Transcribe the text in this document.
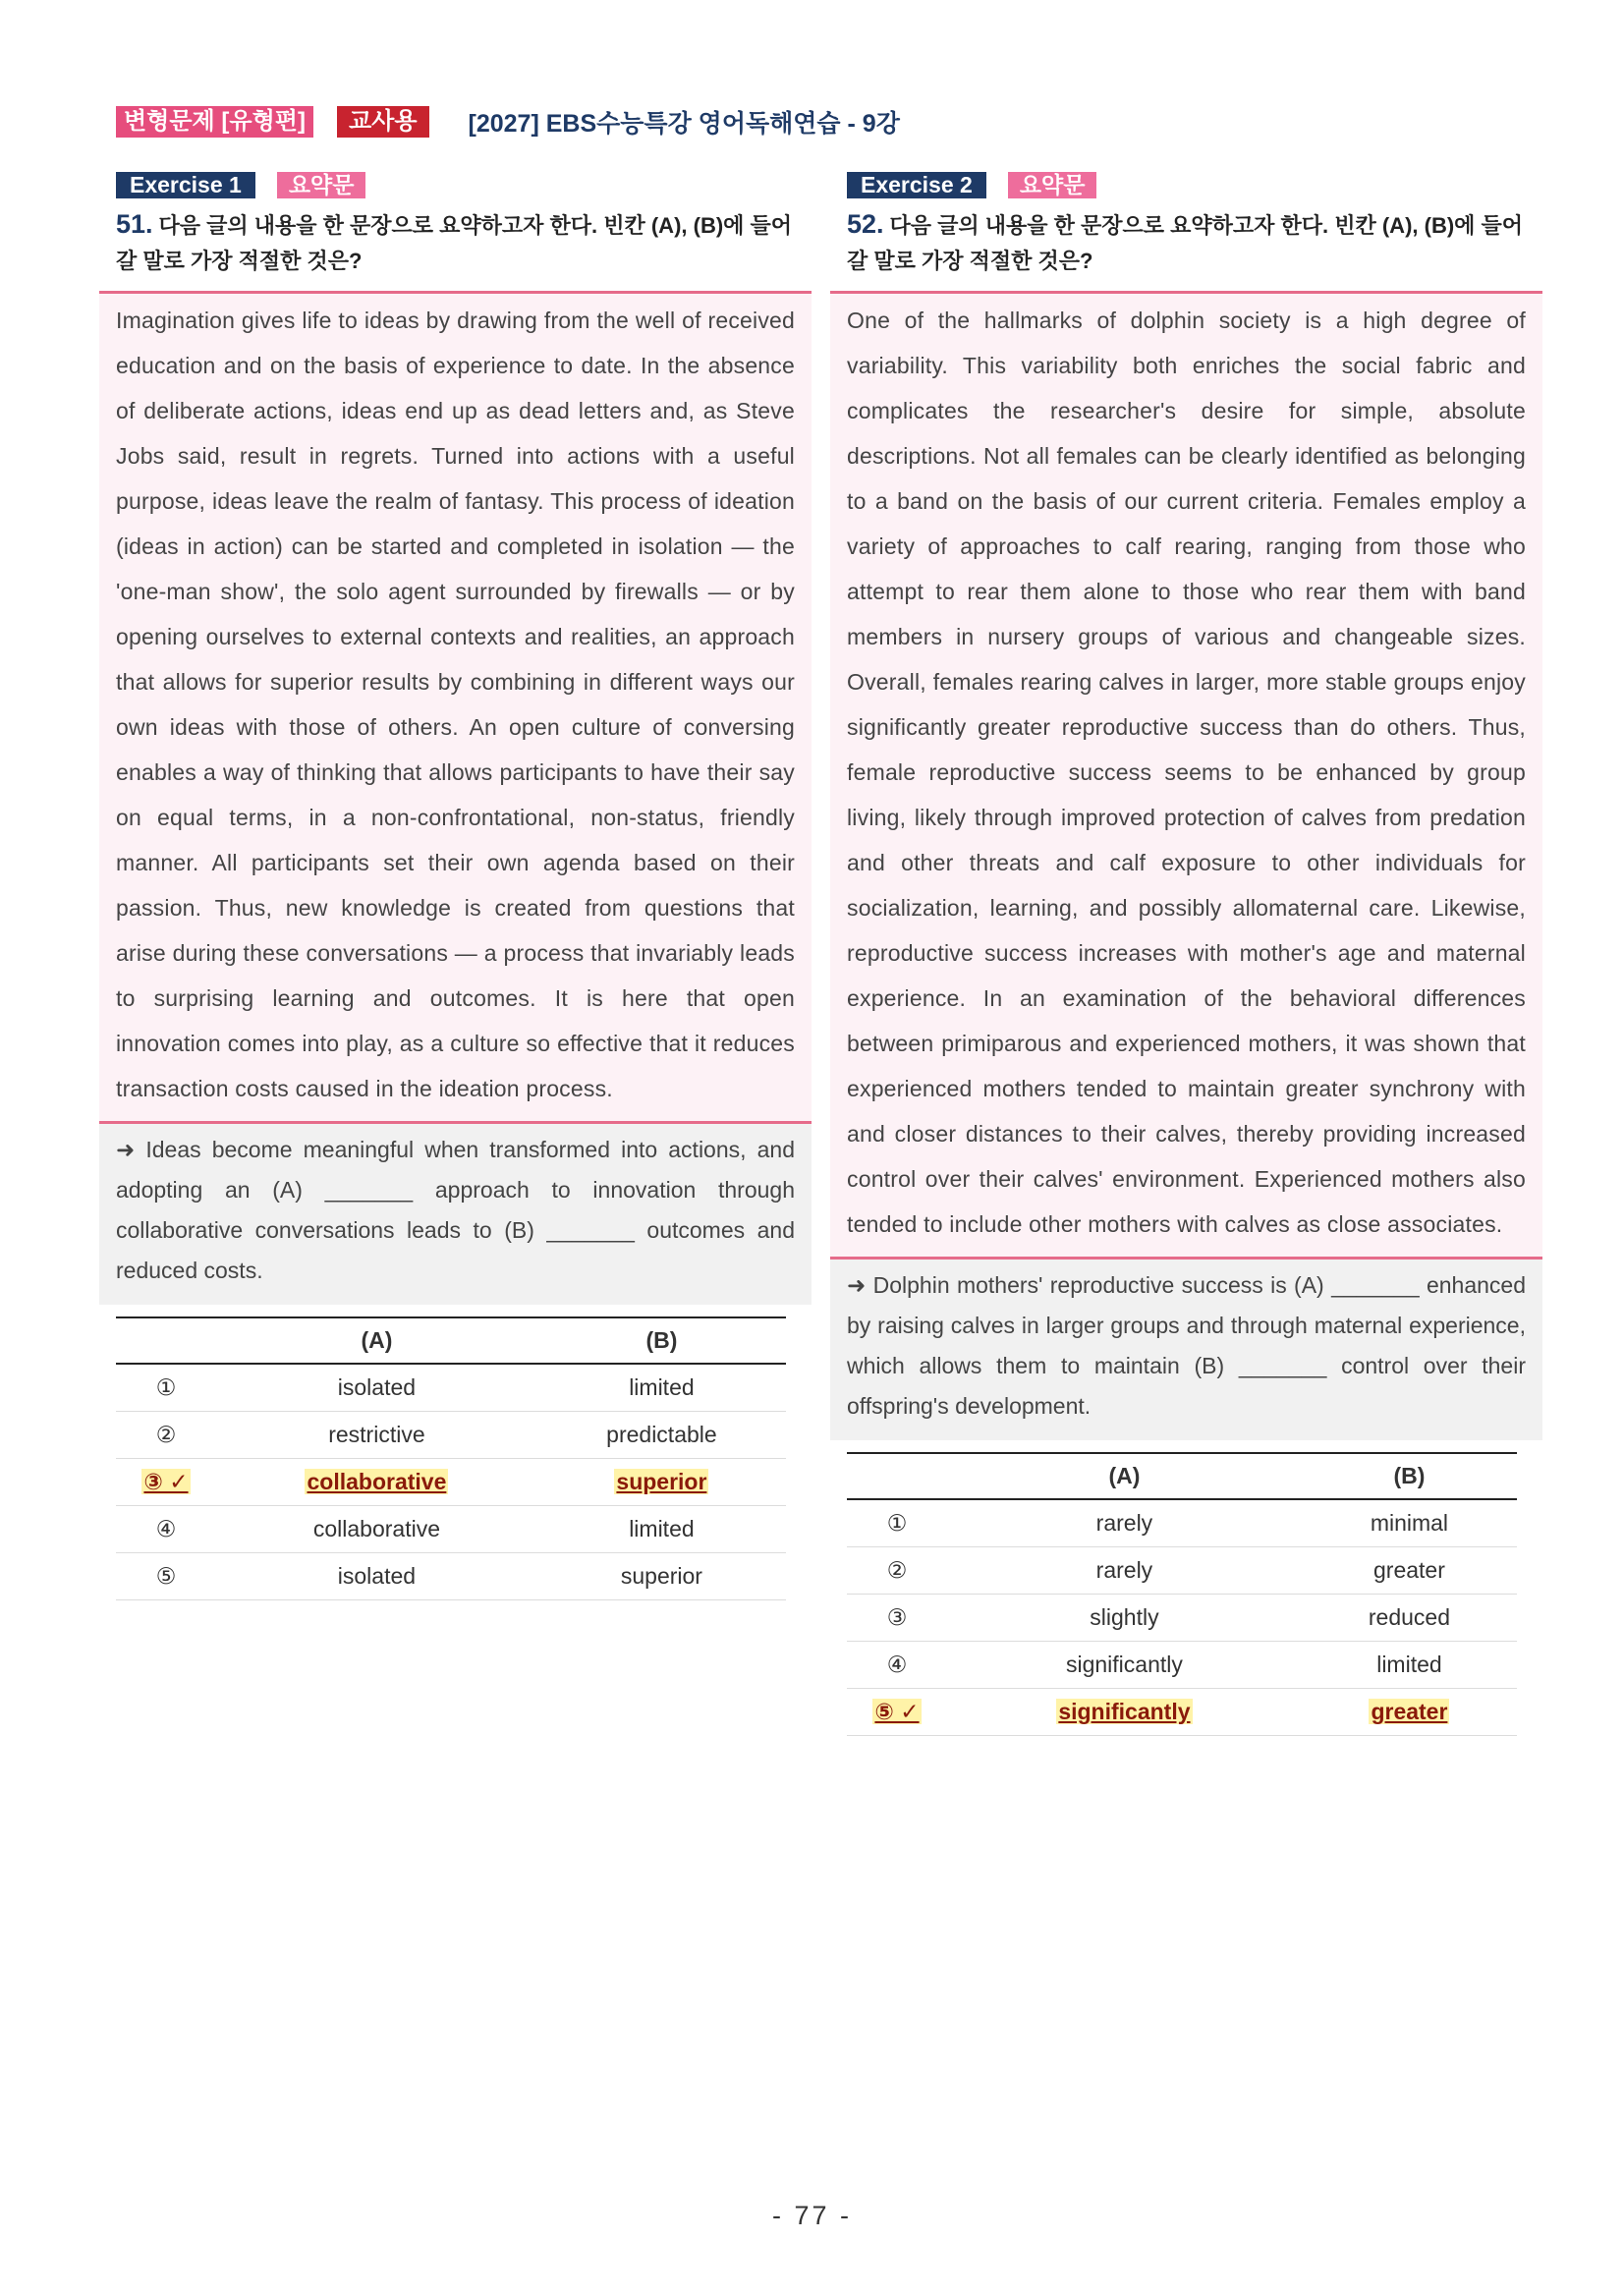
변형문제 [유형편]	교사용	[2027] EBS수능특강 영어독해연습 - 9강
Exercise 1	요약문
51. 다음 글의 내용을 한 문장으로 요약하고자 한다. 빈칸 (A), (B)에 들어갈 말로 가장 적절한 것은?
Imagination gives life to ideas by drawing from the well of received education and on the basis of experience to date. In the absence of deliberate actions, ideas end up as dead letters and, as Steve Jobs said, result in regrets. Turned into actions with a useful purpose, ideas leave the realm of fantasy. This process of ideation (ideas in action) can be started and completed in isolation — the 'one-man show', the solo agent surrounded by firewalls — or by opening ourselves to external contexts and realities, an approach that allows for superior results by combining in different ways our own ideas with those of others. An open culture of conversing enables a way of thinking that allows participants to have their say on equal terms, in a non-confrontational, non-status, friendly manner. All participants set their own agenda based on their passion. Thus, new knowledge is created from questions that arise during these conversations — a process that invariably leads to surprising learning and outcomes. It is here that open innovation comes into play, as a culture so effective that it reduces transaction costs caused in the ideation process.
➜ Ideas become meaningful when transformed into actions, and adopting an (A) _______ approach to innovation through collaborative conversations leads to (B) _______ outcomes and reduced costs.
	(A)	(B)
①	isolated	limited
②	restrictive	predictable
③ ✓	collaborative	superior
④	collaborative	limited
⑤	isolated	superior
Exercise 2	요약문
52. 다음 글의 내용을 한 문장으로 요약하고자 한다. 빈칸 (A), (B)에 들어갈 말로 가장 적절한 것은?
One of the hallmarks of dolphin society is a high degree of variability. This variability both enriches the social fabric and complicates the researcher's desire for simple, absolute descriptions. Not all females can be clearly identified as belonging to a band on the basis of our current criteria. Females employ a variety of approaches to calf rearing, ranging from those who attempt to rear them alone to those who rear them with band members in nursery groups of various and changeable sizes. Overall, females rearing calves in larger, more stable groups enjoy significantly greater reproductive success than do others. Thus, female reproductive success seems to be enhanced by group living, likely through improved protection of calves from predation and other threats and calf exposure to other individuals for socialization, learning, and possibly allomaternal care. Likewise, reproductive success increases with mother's age and maternal experience. In an examination of the behavioral differences between primiparous and experienced mothers, it was shown that experienced mothers tended to maintain greater synchrony with and closer distances to their calves, thereby providing increased control over their calves' environment. Experienced mothers also tended to include other mothers with calves as close associates.
➜ Dolphin mothers' reproductive success is (A) _______ enhanced by raising calves in larger groups and through maternal experience, which allows them to maintain (B) _______ control over their offspring's development.
	(A)	(B)
①	rarely	minimal
②	rarely	greater
③	slightly	reduced
④	significantly	limited
⑤ ✓	significantly	greater
- 77 -
